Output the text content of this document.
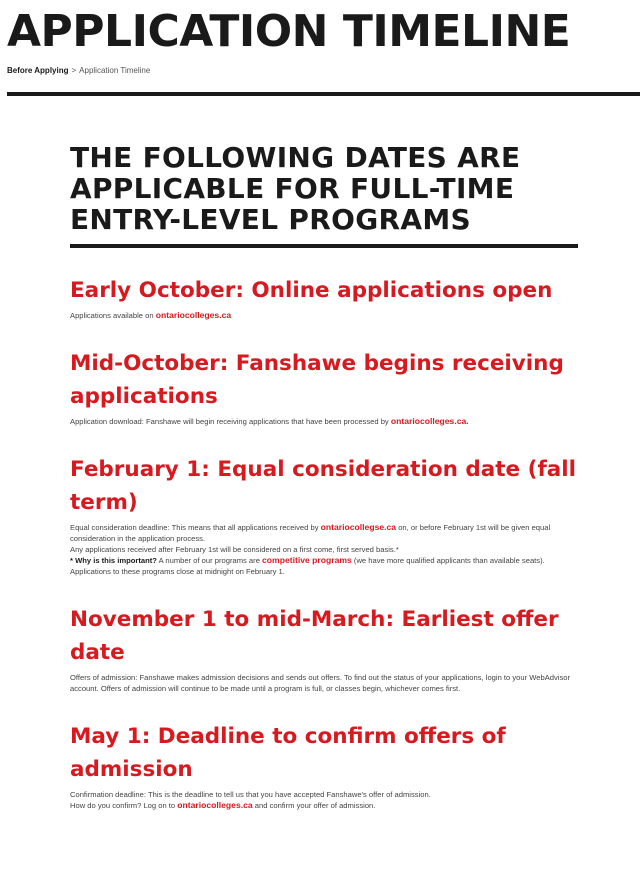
APPLICATION TIMELINE
Before Applying > Application Timeline
THE FOLLOWING DATES ARE APPLICABLE FOR FULL-TIME ENTRY-LEVEL PROGRAMS
Early October: Online applications open

Applications available on ontariocolleges.ca

Mid-October: Fanshawe begins receiving applications

Application download: Fanshawe will begin receiving applications that have been processed by ontariocolleges.ca.

February 1: Equal consideration date (fall term)

Equal consideration deadline: This means that all applications received by ontariocollegse.ca on, or before February 1st will be given equal consideration in the application process.

Any applications received after February 1st will be considered on a first come, first served basis.*

* Why is this important? A number of our programs are competitive programs (we have more qualified applicants than available seats). Applications to these programs close at midnight on February 1.

November 1 to mid-March: Earliest offer date

Offers of admission: Fanshawe makes admission decisions and sends out offers. To find out the status of your applications, login to your WebAdvisor account. Offers of admission will continue to be made until a program is full, or classes begin, whichever comes first.

May 1: Deadline to confirm offers of admission

Confirmation deadline: This is the deadline to tell us that you have accepted Fanshawe's offer of admission.

How do you confirm? Log on to ontariocolleges.ca and confirm your offer of admission.
